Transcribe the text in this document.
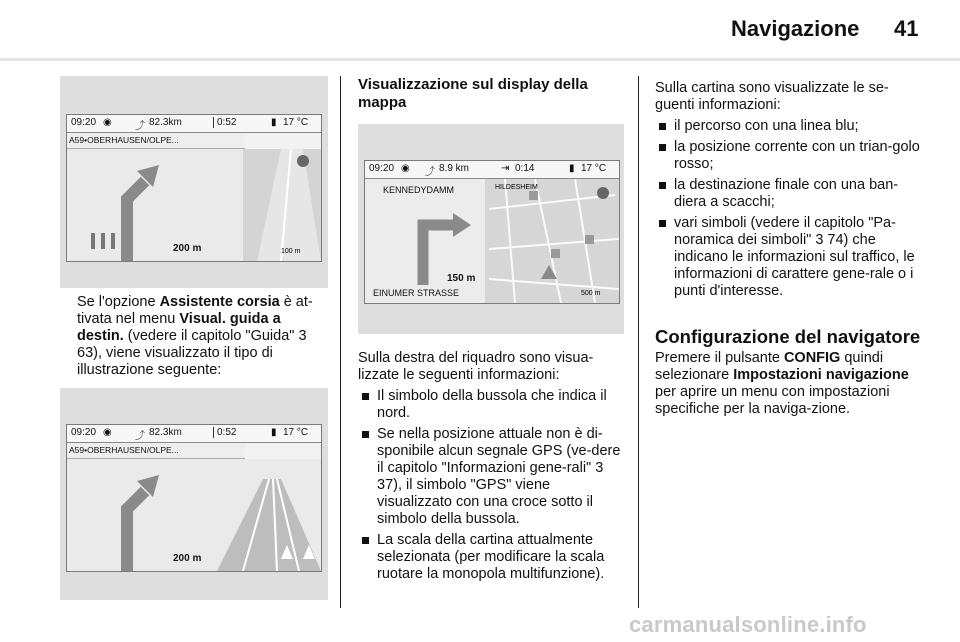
Navigazione 41
09:20 ◉ ⤴ 82.3km	0:52	▮ 17 °C
A59•OBERHAUSEN/OLPE...
100 m
200 m

Se l'opzione Assistente corsia è at-tivata nel menu Visual. guida a destin. (vedere il capitolo "Guida" 3 63), viene visualizzato il tipo di illustrazione seguente:

09:20 ◉ ⤴ 82.3km	0:52	▮ 17 °C
A59•OBERHAUSEN/OLPE...
200 m
Visualizzazione sul display della mappa
09:20 ◉ ⤴ 8.9 km	⇥ 0:14	▮ 17 °C
HILDESHEIM
500 m
KENNEDYDAMM
150 m
EINUMER STRASSE

Sulla destra del riquadro sono visua-lizzate le seguenti informazioni:

Il simbolo della bussola che indica il nord.
Se nella posizione attuale non è di-sponibile alcun segnale GPS (ve-dere il capitolo "Informazioni gene-rali" 3 37), il simbolo "GPS" viene visualizzato con una croce sotto il simbolo della bussola.
La scala della cartina attualmente selezionata (per modificare la scala ruotare la monopola multifunzione).

Sulla cartina sono visualizzate le se-guenti informazioni:

il percorso con una linea blu;
la posizione corrente con un trian-golo rosso;
la destinazione finale con una ban-diera a scacchi;
vari simboli (vedere il capitolo "Pa-noramica dei simboli" 3 74) che indicano le informazioni sul traffico, le informazioni di carattere gene-rale o i punti d'interesse.
Configurazione del navigatore

Premere il pulsante CONFIG quindi selezionare Impostazioni navigazione per aprire un menu con impostazioni specifiche per la naviga-zione.

carmanualsonline.info
